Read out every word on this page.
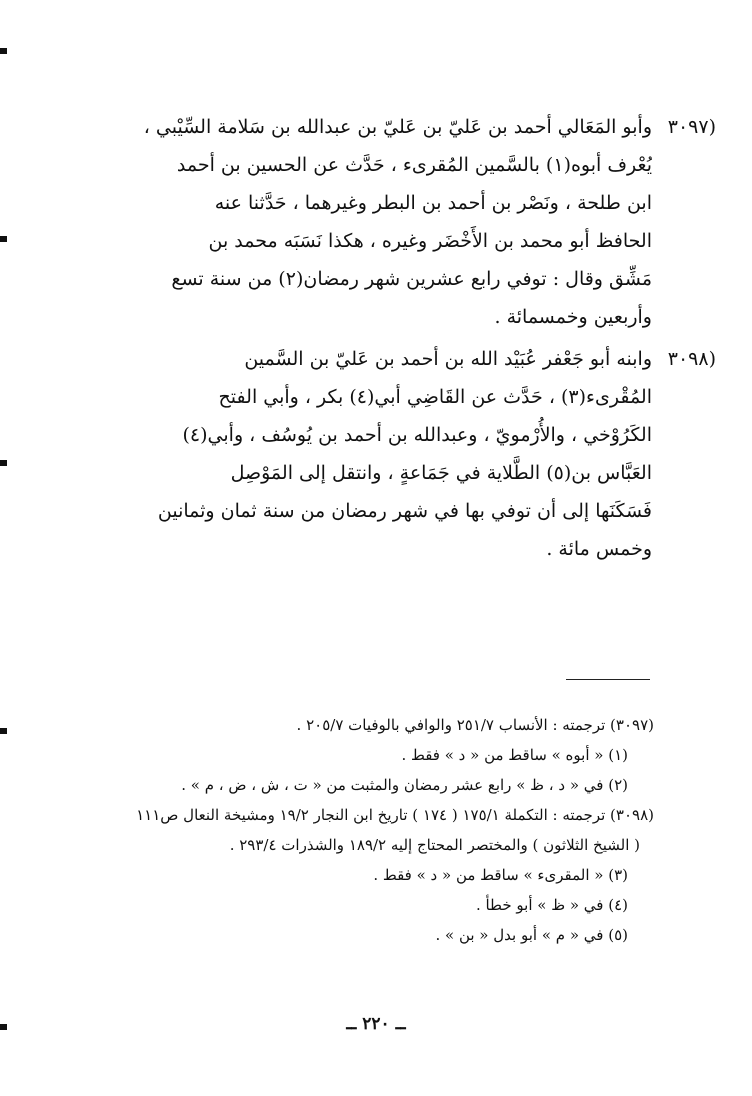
(٣٠٩٧
وأبو المَعَالي أحمد بن عَليّ بن عَليّ بن عبدالله بن سَلامة السِّيْبي ،
يُعْرف أبوه(١) بالسَّمين المُقرىء ، حَدَّث عن الحسين بن أحمد
ابن طلحة ، ونَصْر بن أحمد بن البطر وغيرهما ، حَدَّثنا عنه
الحافظ أبو محمد بن الأَخْضَر وغيره ، هكذا نَسَبَه محمد بن
مَشِّق وقال : توفي رابع عشرين شهر رمضان(٢) من سنة تسع
وأربعين وخمسمائة .
(٣٠٩٨
وابنه أبو جَعْفر عُبَيْد الله بن أحمد بن عَليّ بن السَّمين
المُقْرىء(٣) ، حَدَّث عن القَاضِي أبي(٤) بكر ، وأبي الفتح
الكَرُوْخي ، والأُرْمويّ ، وعبدالله بن أحمد بن يُوسُف ، وأبي(٤)
العَبَّاس بن(٥) الطَّلاية في جَمَاعةٍ ، وانتقل إلى المَوْصِل
فَسَكَنَها إلى أن توفي بها في شهر رمضان من سنة ثمان وثمانين
وخمس مائة .
(٣٠٩٧) ترجمته : الأنساب ٢٥١/٧ والوافي بالوفيات ٢٠٥/٧ .
(١) « أبوه » ساقط من « د » فقط .
(٢) في « د ، ظ » رابع عشر رمضان والمثبت من « ت ، ش ، ض ، م » .
(٣٠٩٨) ترجمته : التكملة ١٧٥/١ ( ١٧٤ ) تاريخ ابن النجار ١٩/٢ ومشيخة النعال ص١١١
( الشيخ الثلاثون ) والمختصر المحتاج إليه ١٨٩/٢ والشذرات ٢٩٣/٤ .
(٣) « المقرىء » ساقط من « د » فقط .
(٤) في « ظ » أبو خطأ .
(٥) في « م » أبو بدل « بن » .
ــ ٢٢٠ ــ
